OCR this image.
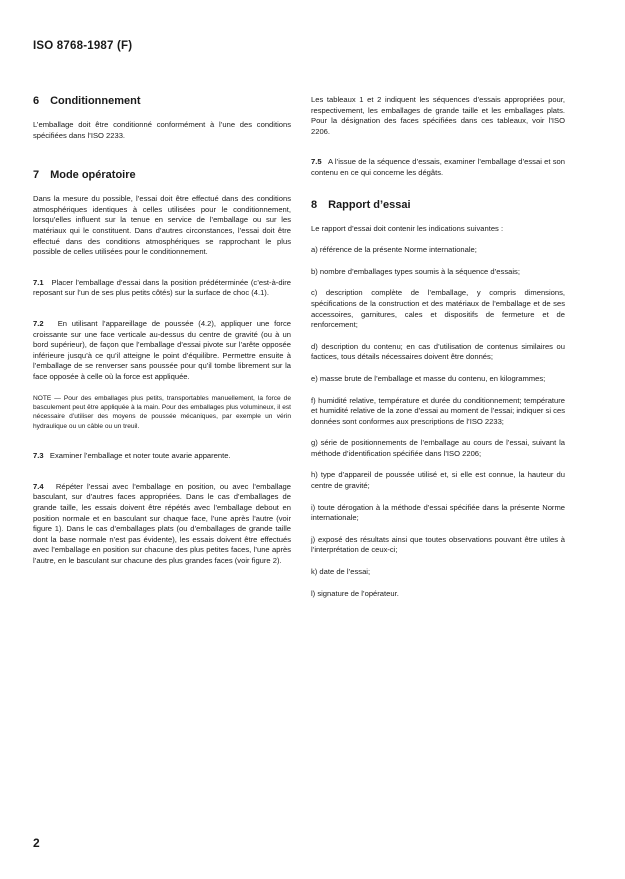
ISO 8768-1987 (F)
6 Conditionnement

L’emballage doit être conditionné conformément à l’une des conditions spécifiées dans l’ISO 2233.

7 Mode opératoire

Dans la mesure du possible, l’essai doit être effectué dans des conditions atmosphériques identiques à celles utilisées pour le conditionnement, lorsqu’elles influent sur la tenue en service de l’emballage ou sur les matériaux qui le constituent. Dans d’autres circonstances, l’essai doit être effectué dans des conditions atmosphériques se rapprochant le plus possible de celles utilisées pour le conditionnement.

7.1 Placer l’emballage d’essai dans la position prédéterminée (c’est-à-dire reposant sur l’un de ses plus petits côtés) sur la surface de choc (4.1).

7.2 En utilisant l’appareillage de poussée (4.2), appliquer une force croissante sur une face verticale au-dessus du centre de gravité (ou à un bord supérieur), de façon que l’emballage d’essai pivote sur l’arête opposée inférieure jusqu’à ce qu’il atteigne le point d’équilibre. Permettre ensuite à l’emballage de se renverser sans poussée pour qu’il tombe librement sur la face opposée à celle où la force est appliquée.

NOTE — Pour des emballages plus petits, transportables manuellement, la force de basculement peut être appliquée à la main. Pour des emballages plus volumineux, il est nécessaire d’utiliser des moyens de poussée mécaniques, par exemple un vérin hydraulique ou un câble ou un treuil.

7.3 Examiner l’emballage et noter toute avarie apparente.

7.4 Répéter l’essai avec l’emballage en position, ou avec l’emballage basculant, sur d’autres faces appropriées. Dans le cas d’emballages de grande taille, les essais doivent être répétés avec l’emballage debout en position normale et en basculant sur chaque face, l’une après l’autre (voir figure 1). Dans le cas d’emballages plats (ou d’emballages de grande taille dont la base normale n’est pas évidente), les essais doivent être effectués avec l’emballage en position sur chacune des plus petites faces, l’une après l’autre, en le basculant sur chacune des plus grandes faces (voir figure 2).

Les tableaux 1 et 2 indiquent les séquences d’essais appropriées pour, respectivement, les emballages de grande taille et les emballages plats. Pour la désignation des faces spécifiées dans ces tableaux, voir l’ISO 2206.

7.5 A l’issue de la séquence d’essais, examiner l’emballage d’essai et son contenu en ce qui concerne les dégâts.

8 Rapport d’essai

Le rapport d’essai doit contenir les indications suivantes :

a) référence de la présente Norme internationale;

b) nombre d’emballages types soumis à la séquence d’essais;

c) description complète de l’emballage, y compris dimensions, spécifications de la construction et des matériaux de l’emballage et de ses accessoires, garnitures, cales et dispositifs de fermeture et de renforcement;

d) description du contenu; en cas d’utilisation de contenus similaires ou factices, tous détails nécessaires doivent être donnés;

e) masse brute de l’emballage et masse du contenu, en kilogrammes;

f) humidité relative, température et durée du conditionnement; température et humidité relative de la zone d’essai au moment de l’essai; indiquer si ces données sont conformes aux prescriptions de l’ISO 2233;

g) série de positionnements de l’emballage au cours de l’essai, suivant la méthode d’identification spécifiée dans l’ISO 2206;

h) type d’appareil de poussée utilisé et, si elle est connue, la hauteur du centre de gravité;

i) toute dérogation à la méthode d’essai spécifiée dans la présente Norme internationale;

j) exposé des résultats ainsi que toutes observations pouvant être utiles à l’interprétation de ceux-ci;

k) date de l’essai;

l) signature de l’opérateur.

2
